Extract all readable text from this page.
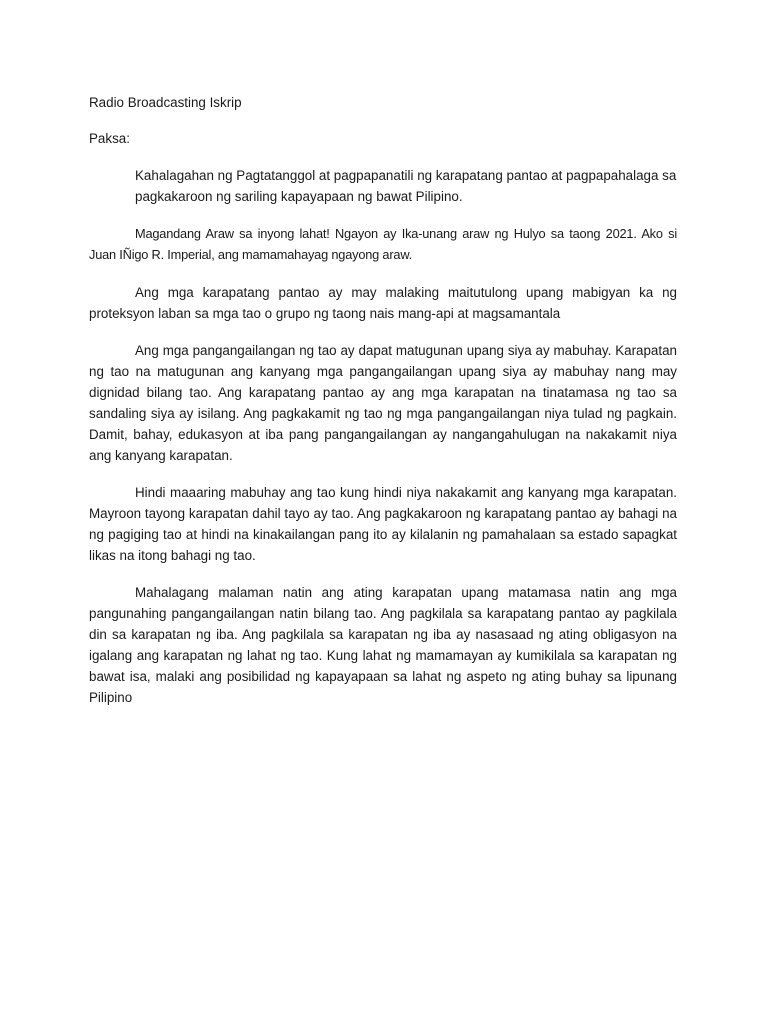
Radio Broadcasting Iskrip

Paksa:

Kahalagahan ng Pagtatanggol at pagpapanatili ng karapatang pantao at pagpapahalaga sa pagkakaroon ng sariling kapayapaan ng bawat Pilipino.

Magandang Araw sa inyong lahat! Ngayon ay Ika-unang araw ng Hulyo sa taong 2021. Ako si Juan IÑigo R. Imperial, ang mamamahayag ngayong araw.

Ang mga karapatang pantao ay may malaking maitutulong upang mabigyan ka ng proteksyon laban sa mga tao o grupo ng taong nais mang-api at magsamantala

Ang mga pangangailangan ng tao ay dapat matugunan upang siya ay mabuhay. Karapatan ng tao na matugunan ang kanyang mga pangangailangan upang siya ay mabuhay nang may dignidad bilang tao. Ang karapatang pantao ay ang mga karapatan na tinatamasa ng tao sa sandaling siya ay isilang. Ang pagkakamit ng tao ng mga pangangailangan niya tulad ng pagkain. Damit, bahay, edukasyon at iba pang pangangailangan ay nangangahulugan na nakakamit niya ang kanyang karapatan.

Hindi maaaring mabuhay ang tao kung hindi niya nakakamit ang kanyang mga karapatan. Mayroon tayong karapatan dahil tayo ay tao. Ang pagkakaroon ng karapatang pantao ay bahagi na ng pagiging tao at hindi na kinakailangan pang ito ay kilalanin ng pamahalaan sa estado sapagkat likas na itong bahagi ng tao.

Mahalagang malaman natin ang ating karapatan upang matamasa natin ang mga pangunahing pangangailangan natin bilang tao. Ang pagkilala sa karapatang pantao ay pagkilala din sa karapatan ng iba. Ang pagkilala sa karapatan ng iba ay nasasaad ng ating obligasyon na igalang ang karapatan ng lahat ng tao. Kung lahat ng mamamayan ay kumikilala sa karapatan ng bawat isa, malaki ang posibilidad ng kapayapaan sa lahat ng aspeto ng ating buhay sa lipunang Pilipino
